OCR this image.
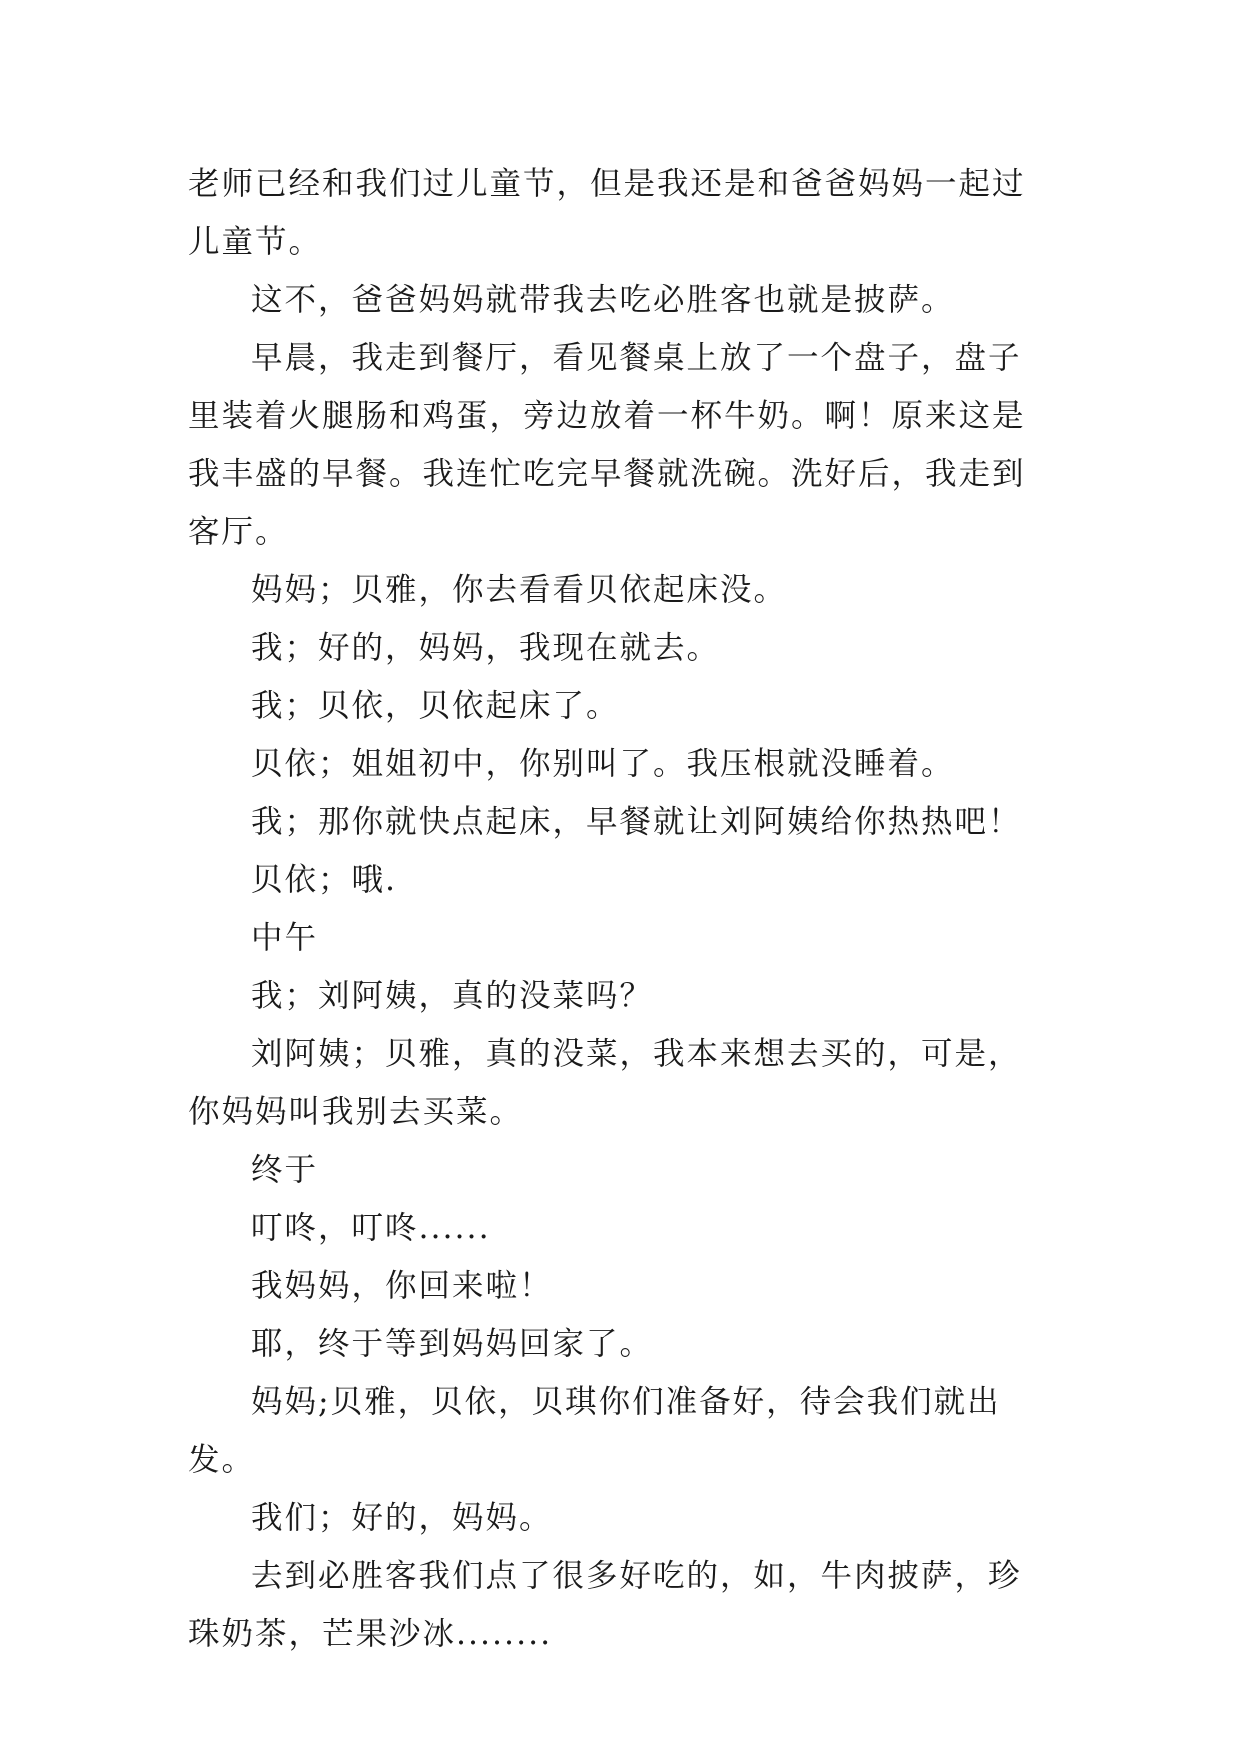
老师已经和我们过儿童节，但是我还是和爸爸妈妈一起过儿童节。

这不，爸爸妈妈就带我去吃必胜客也就是披萨。

早晨，我走到餐厅，看见餐桌上放了一个盘子，盘子里装着火腿肠和鸡蛋，旁边放着一杯牛奶。啊！原来这是我丰盛的早餐。我连忙吃完早餐就洗碗。洗好后，我走到客厅。

妈妈；贝雅，你去看看贝依起床没。

我；好的，妈妈，我现在就去。

我；贝依，贝依起床了。

贝依；姐姐初中，你别叫了。我压根就没睡着。

我；那你就快点起床，早餐就让刘阿姨给你热热吧！

贝依；哦.

中午

我；刘阿姨，真的没菜吗？

刘阿姨；贝雅，真的没菜，我本来想去买的，可是，你妈妈叫我别去买菜。

终于

叮咚，叮咚......

我妈妈，你回来啦！

耶，终于等到妈妈回家了。

妈妈;贝雅，贝依，贝琪你们准备好，待会我们就出发。

我们；好的，妈妈。

去到必胜客我们点了很多好吃的，如，牛肉披萨，珍珠奶茶，芒果沙冰........
